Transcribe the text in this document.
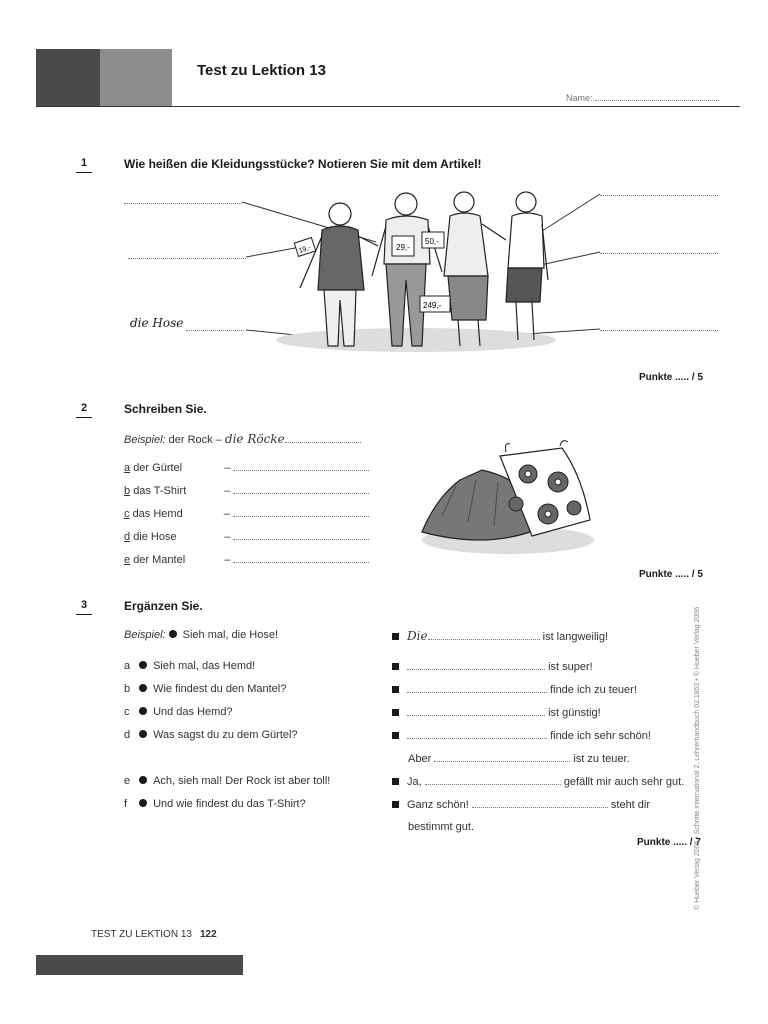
Test zu Lektion 13
Name:
1	Wie heißen die Kleidungsstücke? Notieren Sie mit dem Artikel!
die Hose
29,-
50,-
249,-
19,-
Punkte ..... / 5
2	Schreiben Sie.
Beispiel: der Rock – die Röcke
a der Gürtel	–
b das T-Shirt	–
c das Hemd	–
d die Hose	–
e der Mantel	–
Punkte ..... / 5
3	Ergänzen Sie.
Beispiel: Sieh mal, die Hose!	Die	ist langweilig!
a Sieh mal, das Hemd!	ist super!
b Wie findest du den Mantel?	finde ich zu teuer!
c Und das Hemd?	ist günstig!
d Was sagst du zu dem Gürtel?	finde ich sehr schön!
Aber	ist zu teuer.
e Ach, sieh mal! Der Rock ist aber toll!	Ja,	gefällt mir auch sehr gut.
f Und wie findest du das T-Shirt?	Ganz schön!	steht dir
bestimmt gut.
Punkte ..... / 7
© Hueber Verlag 2006 • Schritte international 2, Lehrerhandbuch 02.1852 • © Hueber Verlag 2006
TEST ZU LEKTION 13 122
